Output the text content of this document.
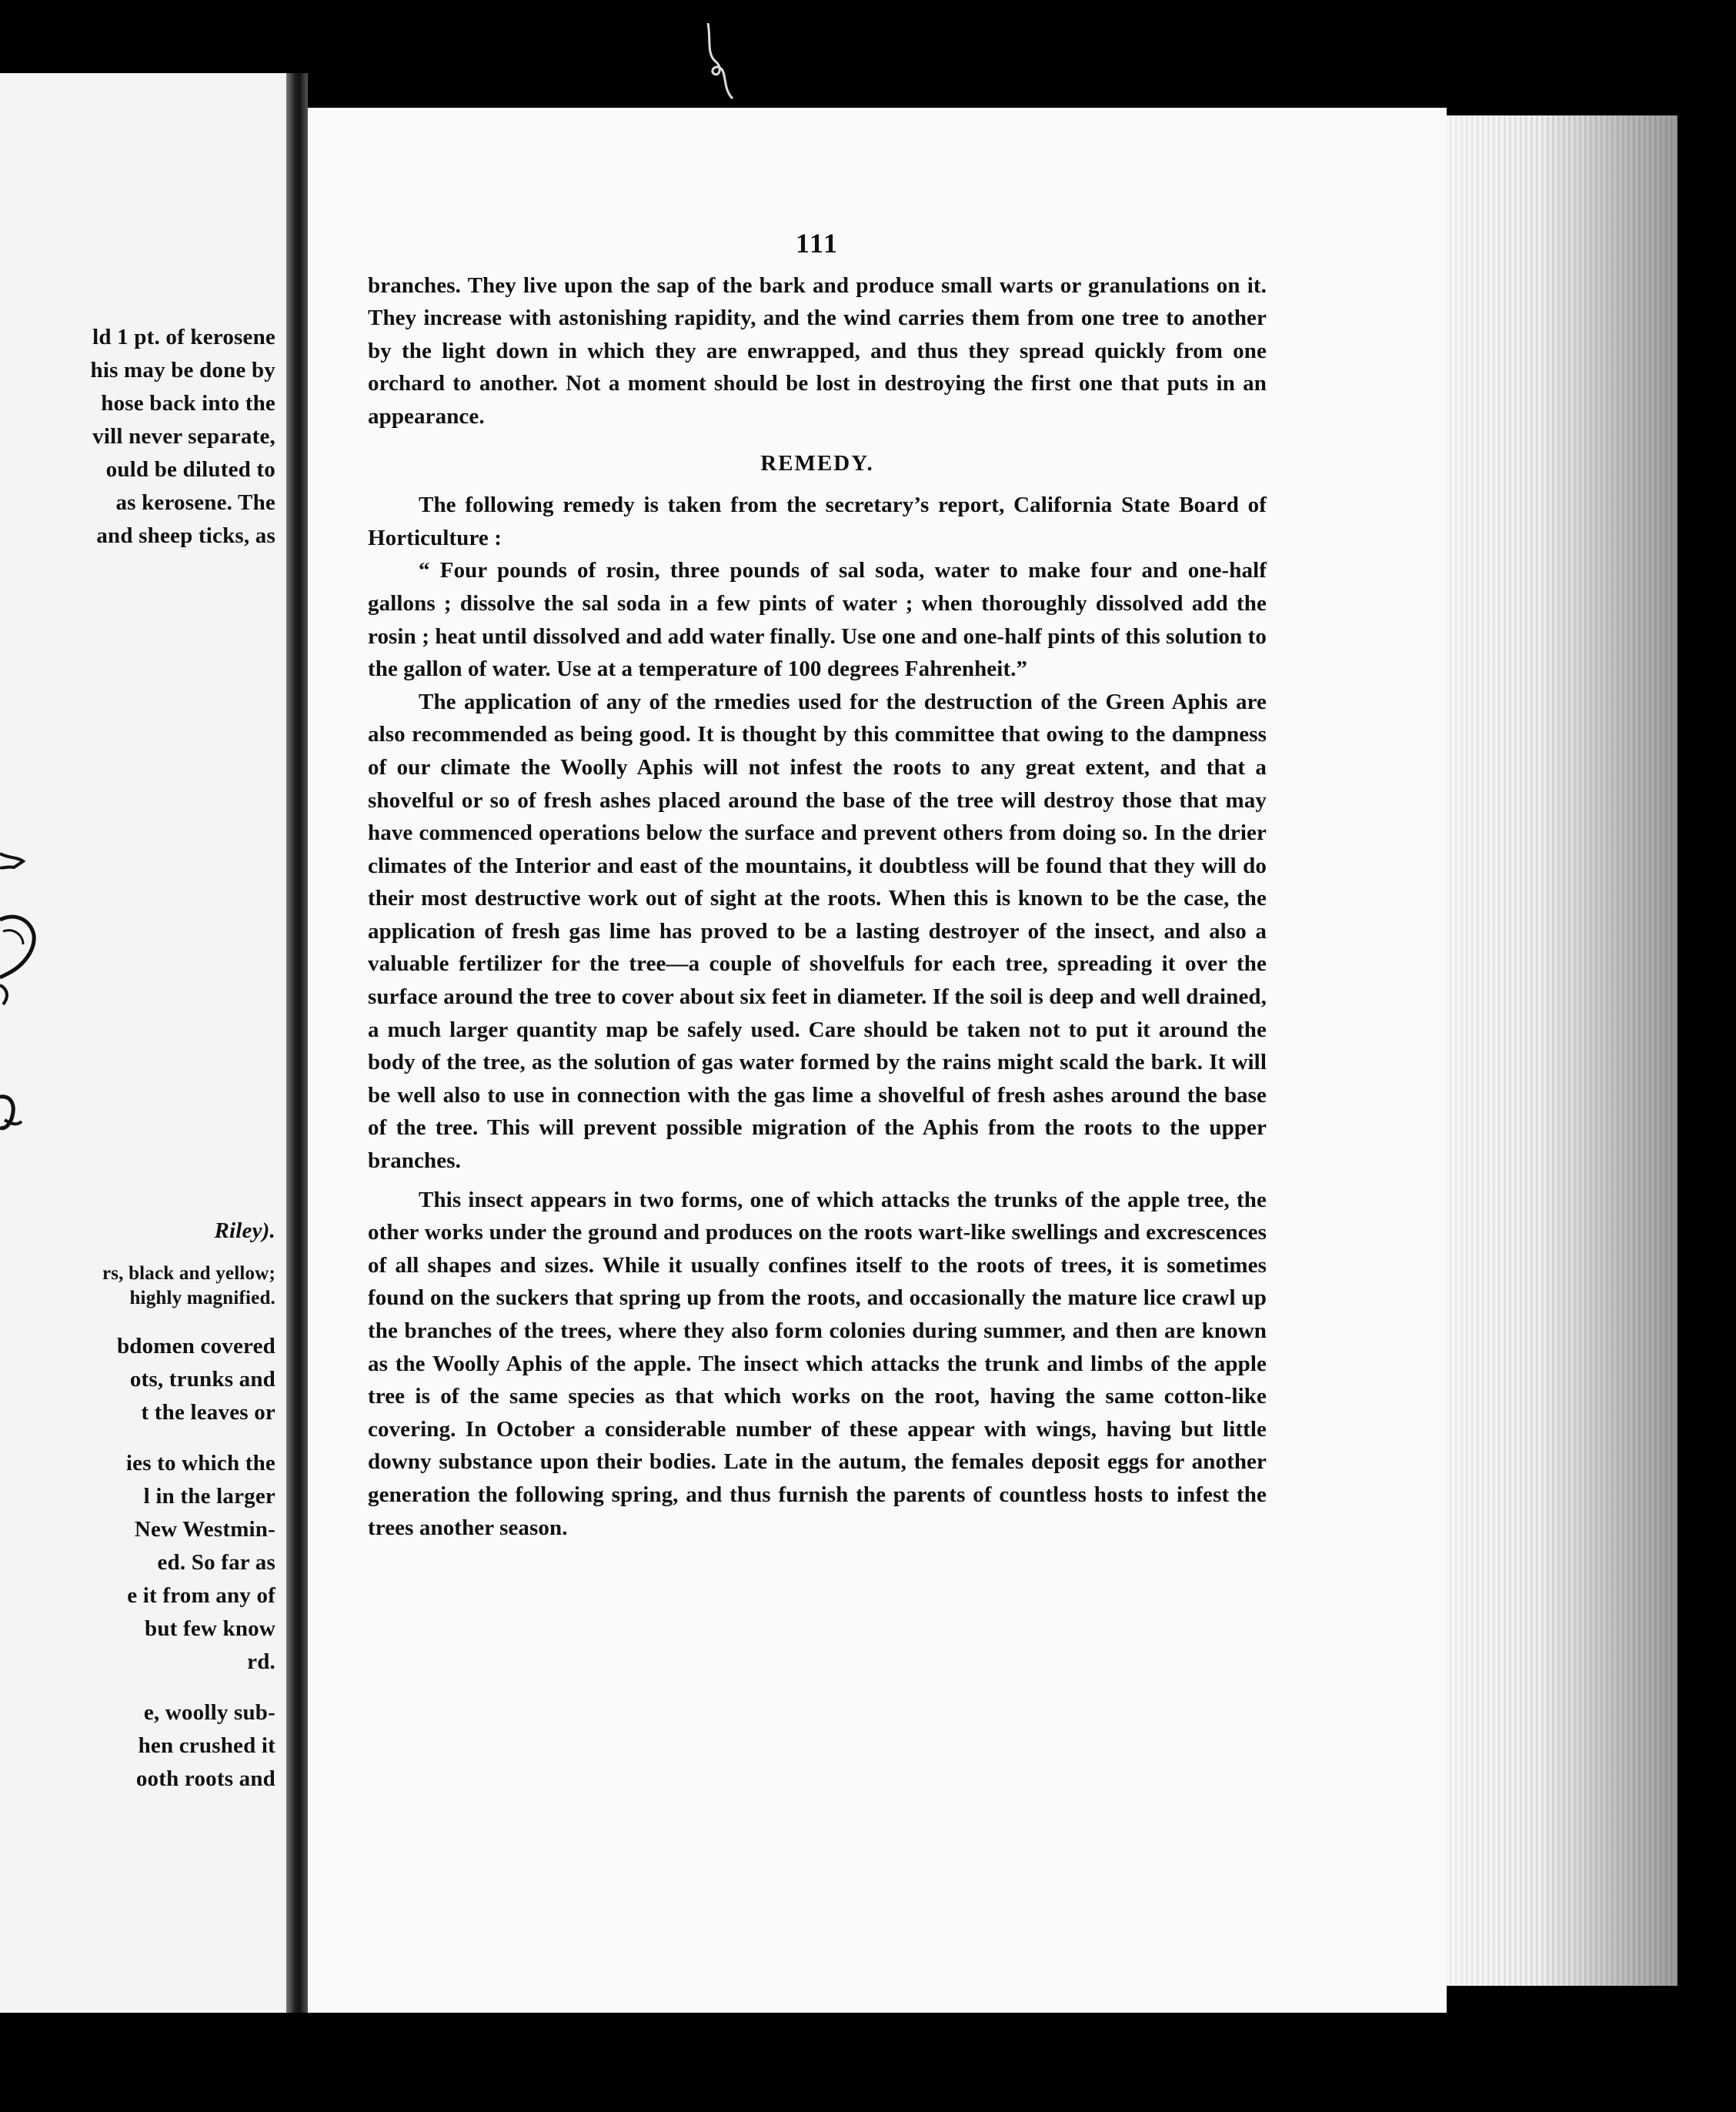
ld 1 pt. of kerosene
his may be done by
hose back into the
vill never separate,
ould be diluted to
as kerosene. The
and sheep ticks, as
Riley).
rs, black and yellow;
highly magnified.
bdomen covered
ots, trunks and
t the leaves or
ies to which the
l in the larger
New Westmin-
ed. So far as
e it from any of
but few know
rd.
e, woolly sub-
hen crushed it
ooth roots and
111

branches. They live upon the sap of the bark and produce small warts or granulations on it. They increase with astonishing rapidity, and the wind carries them from one tree to another by the light down in which they are enwrapped, and thus they spread quickly from one orchard to another. Not a moment should be lost in destroying the first one that puts in an appearance.

REMEDY.

The following remedy is taken from the secretary’s report, California State Board of Horticulture :

“ Four pounds of rosin, three pounds of sal soda, water to make four and one-half gallons ; dissolve the sal soda in a few pints of water ; when thoroughly dissolved add the rosin ; heat until dissolved and add water finally. Use one and one-half pints of this solution to the gallon of water. Use at a temperature of 100 degrees Fahrenheit.”

The application of any of the rmedies used for the destruction of the Green Aphis are also recommended as being good. It is thought by this committee that owing to the dampness of our climate the Woolly Aphis will not infest the roots to any great extent, and that a shovelful or so of fresh ashes placed around the base of the tree will destroy those that may have commenced operations below the surface and prevent others from doing so. In the drier climates of the Interior and east of the mountains, it doubtless will be found that they will do their most destructive work out of sight at the roots. When this is known to be the case, the application of fresh gas lime has proved to be a lasting destroyer of the insect, and also a valuable fertilizer for the tree—a couple of shovelfuls for each tree, spreading it over the surface around the tree to cover about six feet in diameter. If the soil is deep and well drained, a much larger quantity map be safely used. Care should be taken not to put it around the body of the tree, as the solution of gas water formed by the rains might scald the bark. It will be well also to use in connection with the gas lime a shovelful of fresh ashes around the base of the tree. This will prevent possible migration of the Aphis from the roots to the upper branches.

This insect appears in two forms, one of which attacks the trunks of the apple tree, the other works under the ground and produces on the roots wart-like swellings and excrescences of all shapes and sizes. While it usually confines itself to the roots of trees, it is sometimes found on the suckers that spring up from the roots, and occasionally the mature lice crawl up the branches of the trees, where they also form colonies during summer, and then are known as the Woolly Aphis of the apple. The insect which attacks the trunk and limbs of the apple tree is of the same species as that which works on the root, having the same cotton-like covering. In October a considerable number of these appear with wings, having but little downy substance upon their bodies. Late in the autum, the females deposit eggs for another generation the following spring, and thus furnish the parents of countless hosts to infest the trees another season.
